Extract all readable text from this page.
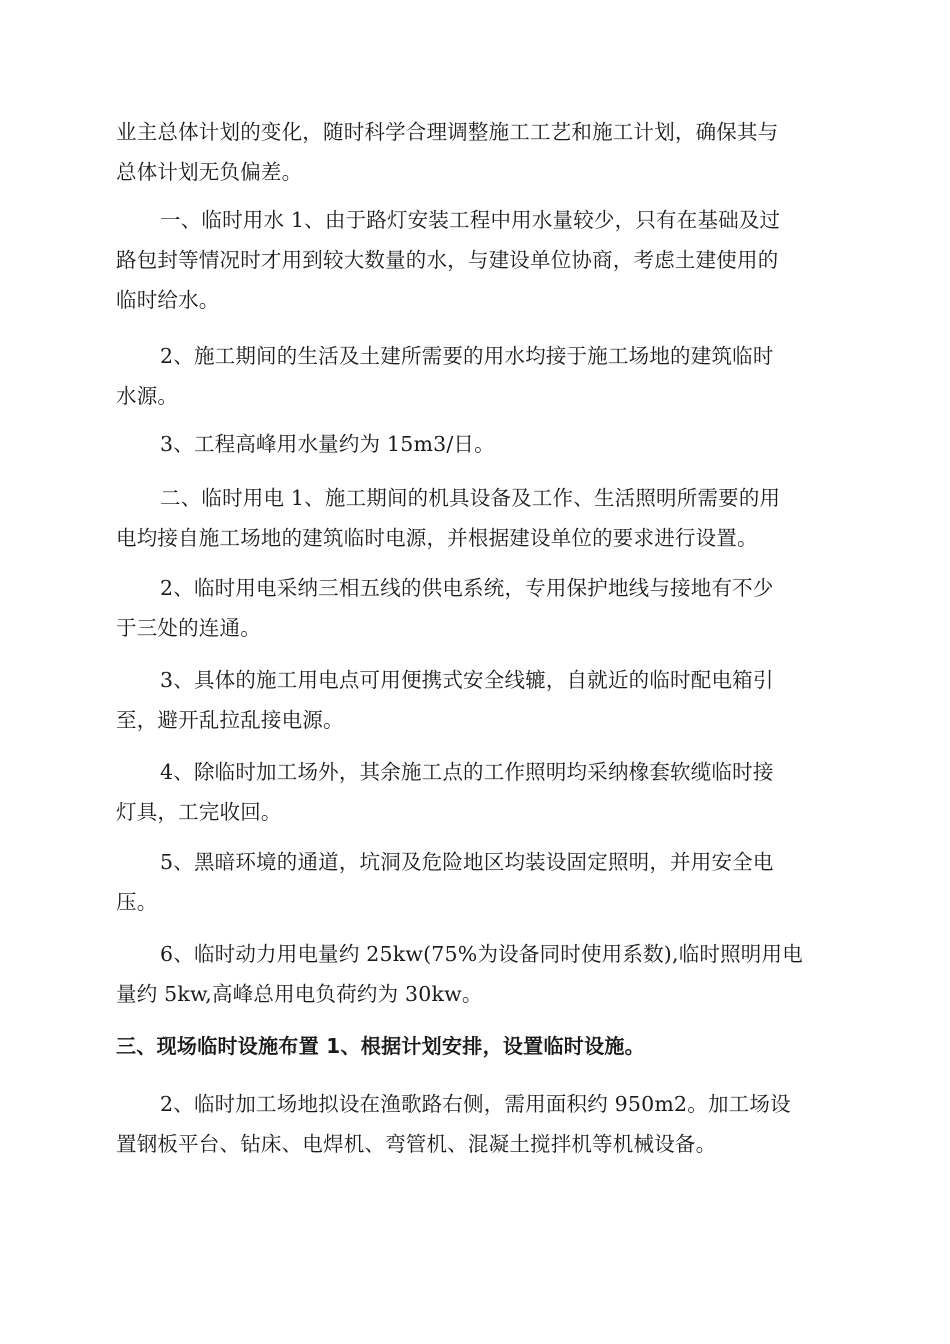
业主总体计划的变化，随时科学合理调整施工工艺和施工计划，确保其与
总体计划无负偏差。

一、临时用水 1、由于路灯安装工程中用水量较少，只有在基础及过
路包封等情况时才用到较大数量的水，与建设单位协商，考虑土建使用的
临时给水。

2、施工期间的生活及土建所需要的用水均接于施工场地的建筑临时
水源。

3、工程高峰用水量约为 15m3/日。

二、临时用电 1、施工期间的机具设备及工作、生活照明所需要的用
电均接自施工场地的建筑临时电源，并根据建设单位的要求进行设置。

2、临时用电采纳三相五线的供电系统，专用保护地线与接地有不少
于三处的连通。

3、具体的施工用电点可用便携式安全线辘，自就近的临时配电箱引
至，避开乱拉乱接电源。

4、除临时加工场外，其余施工点的工作照明均采纳橡套软缆临时接
灯具，工完收回。

5、黑暗环境的通道，坑洞及危险地区均装设固定照明，并用安全电
压。

6、临时动力用电量约 25kw(75%为设备同时使用系数),临时照明用电
量约 5kw,高峰总用电负荷约为 30kw。

三、现场临时设施布置 1、根据计划安排，设置临时设施。

2、临时加工场地拟设在渔歌路右侧，需用面积约 950m2。加工场设
置钢板平台、钻床、电焊机、弯管机、混凝土搅拌机等机械设备。
